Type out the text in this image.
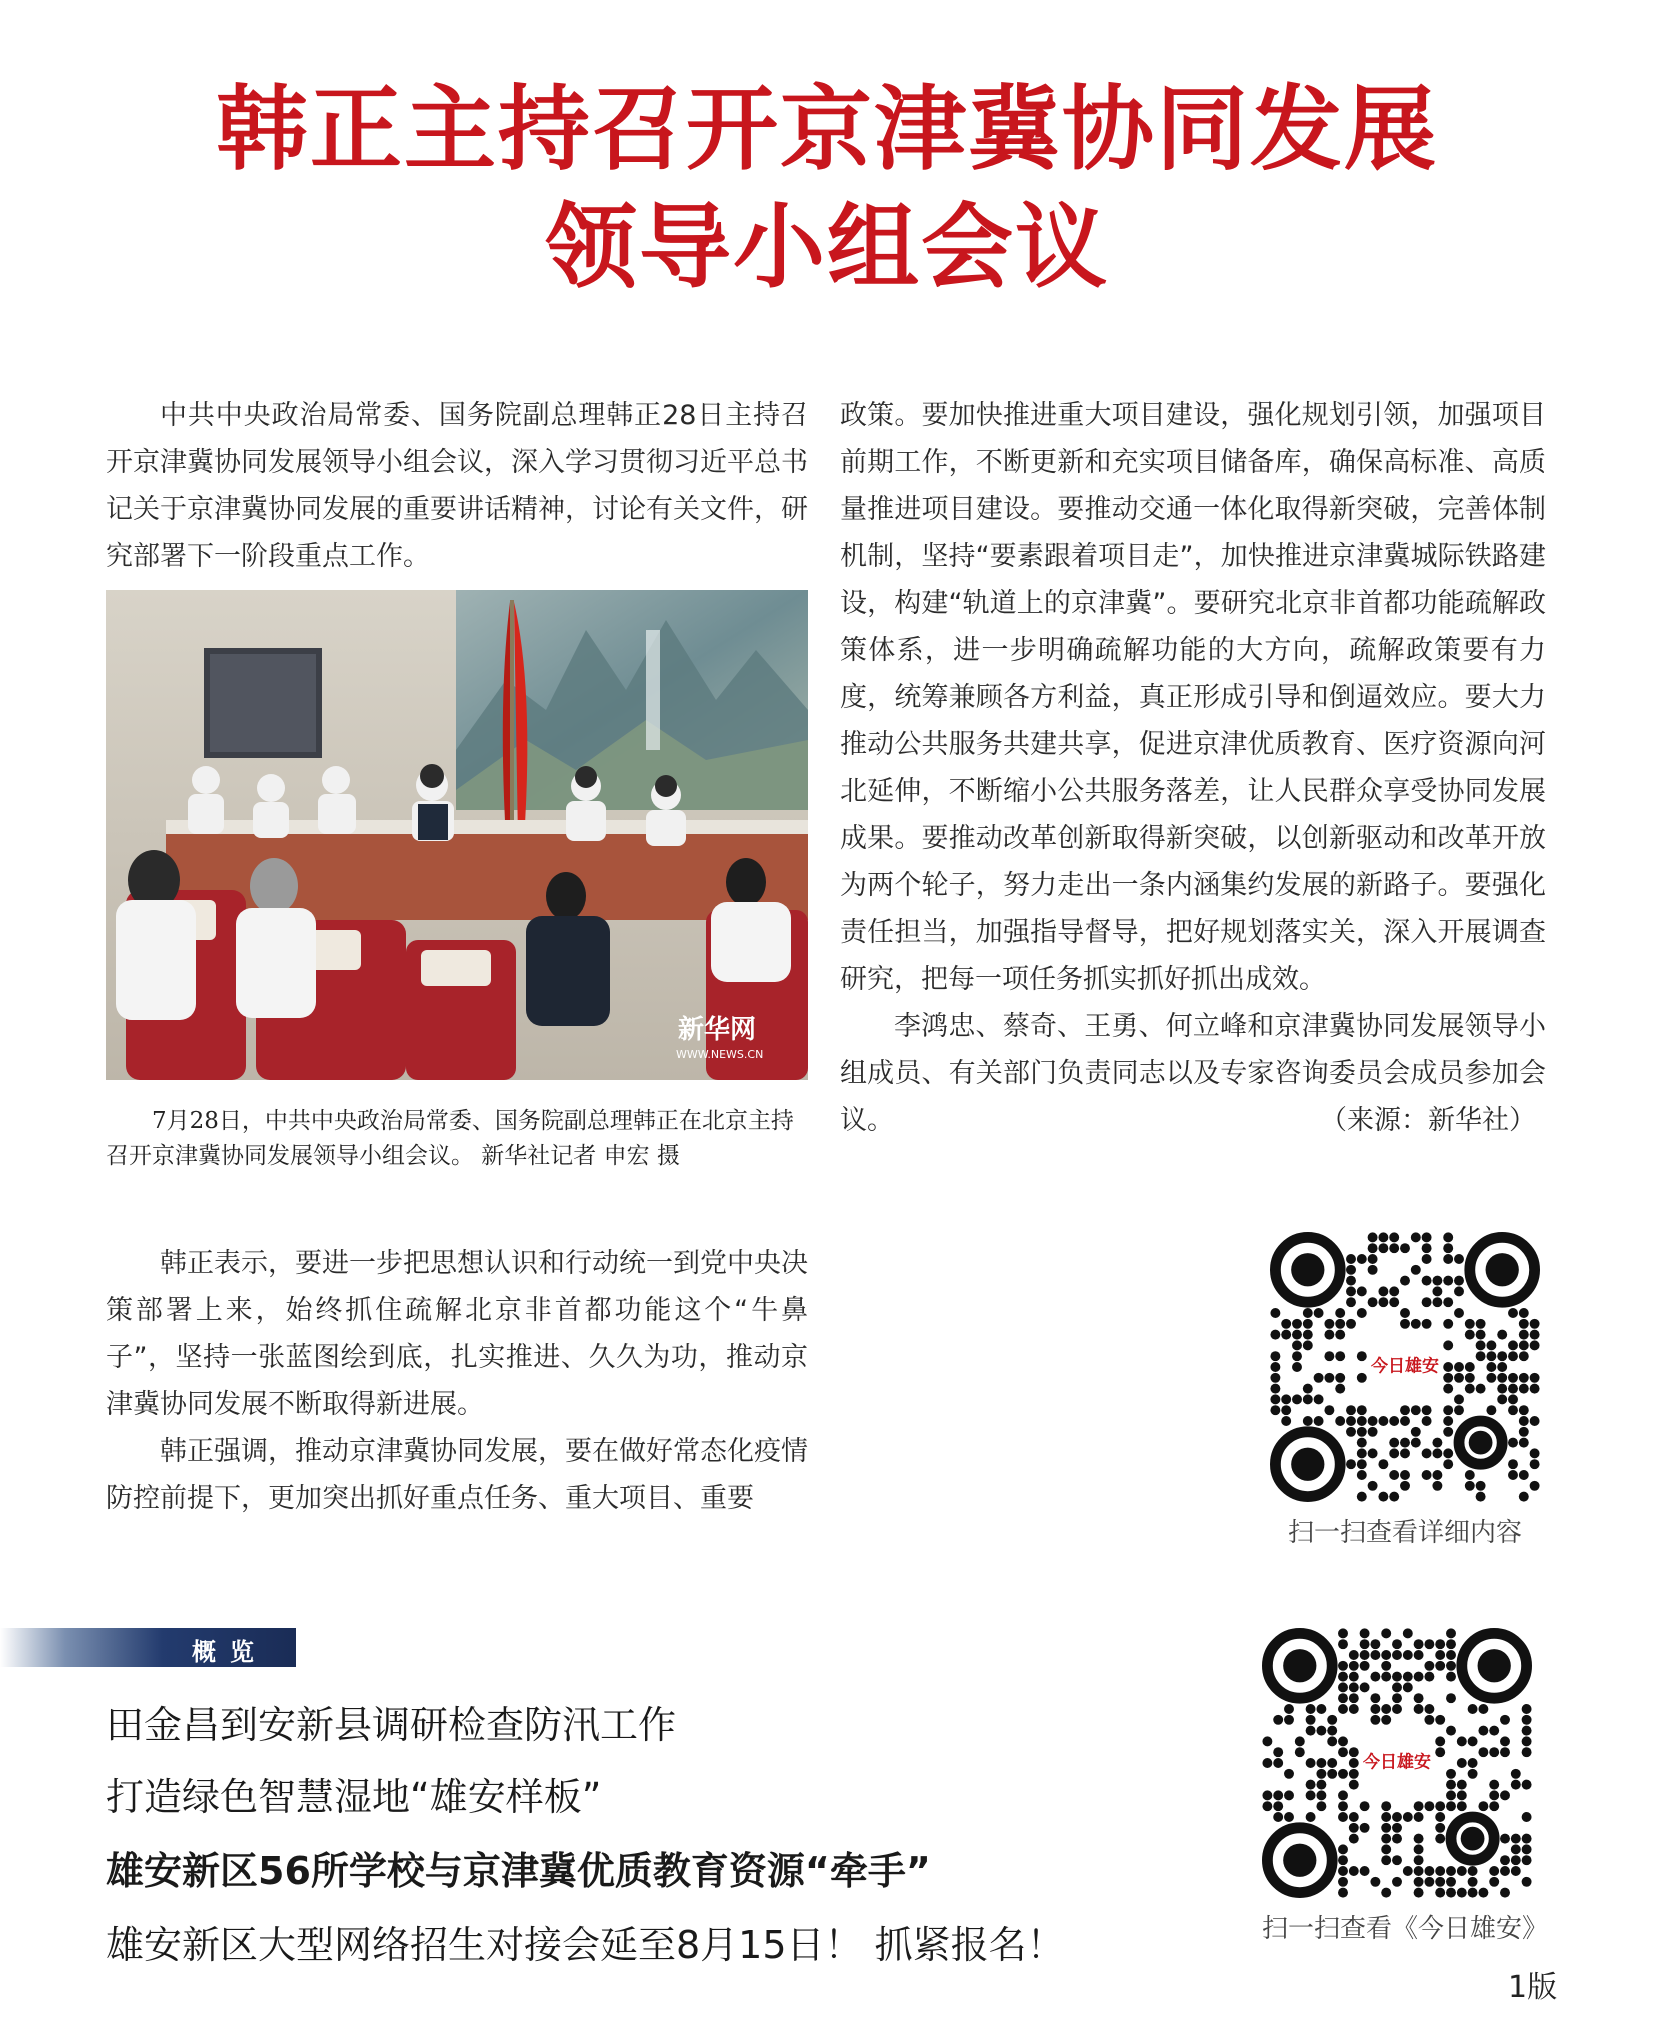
韩正主持召开京津冀协同发展
领导小组会议

中共中央政治局常委、国务院副总理韩正28日主持召开京津冀协同发展领导小组会议，深入学习贯彻习近平总书记关于京津冀协同发展的重要讲话精神，讨论有关文件，研究部署下一阶段重点工作。

新华网
WWW.NEWS.CN
7月28日，中共中央政治局常委、国务院副总理韩正在北京主持召开京津冀协同发展领导小组会议。 新华社记者 申宏 摄

韩正表示，要进一步把思想认识和行动统一到党中央决策部署上来，始终抓住疏解北京非首都功能这个“牛鼻子”，坚持一张蓝图绘到底，扎实推进、久久为功，推动京津冀协同发展不断取得新进展。

韩正强调，推动京津冀协同发展，要在做好常态化疫情防控前提下，更加突出抓好重点任务、重大项目、重要

政策。要加快推进重大项目建设，强化规划引领，加强项目前期工作，不断更新和充实项目储备库，确保高标准、高质量推进项目建设。要推动交通一体化取得新突破，完善体制机制，坚持“要素跟着项目走”，加快推进京津冀城际铁路建设，构建“轨道上的京津冀”。要研究北京非首都功能疏解政策体系，进一步明确疏解功能的大方向，疏解政策要有力度，统筹兼顾各方利益，真正形成引导和倒逼效应。要大力推动公共服务共建共享，促进京津优质教育、医疗资源向河北延伸，不断缩小公共服务落差，让人民群众享受协同发展成果。要推动改革创新取得新突破，以创新驱动和改革开放为两个轮子，努力走出一条内涵集约发展的新路子。要强化责任担当，加强指导督导，把好规划落实关，深入开展调查研究，把每一项任务抓实抓好抓出成效。

李鸿忠、蔡奇、王勇、何立峰和京津冀协同发展领导小组成员、有关部门负责同志以及专家咨询委员会成员参加会议。	（来源：新华社）
今日雄安
扫一扫查看详细内容
今日雄安
扫一扫查看《今日雄安》
概览
田金昌到安新县调研检查防汛工作
打造绿色智慧湿地“雄安样板”
雄安新区56所学校与京津冀优质教育资源“牵手”
雄安新区大型网络招生对接会延至8月15日！ 抓紧报名！
1版
